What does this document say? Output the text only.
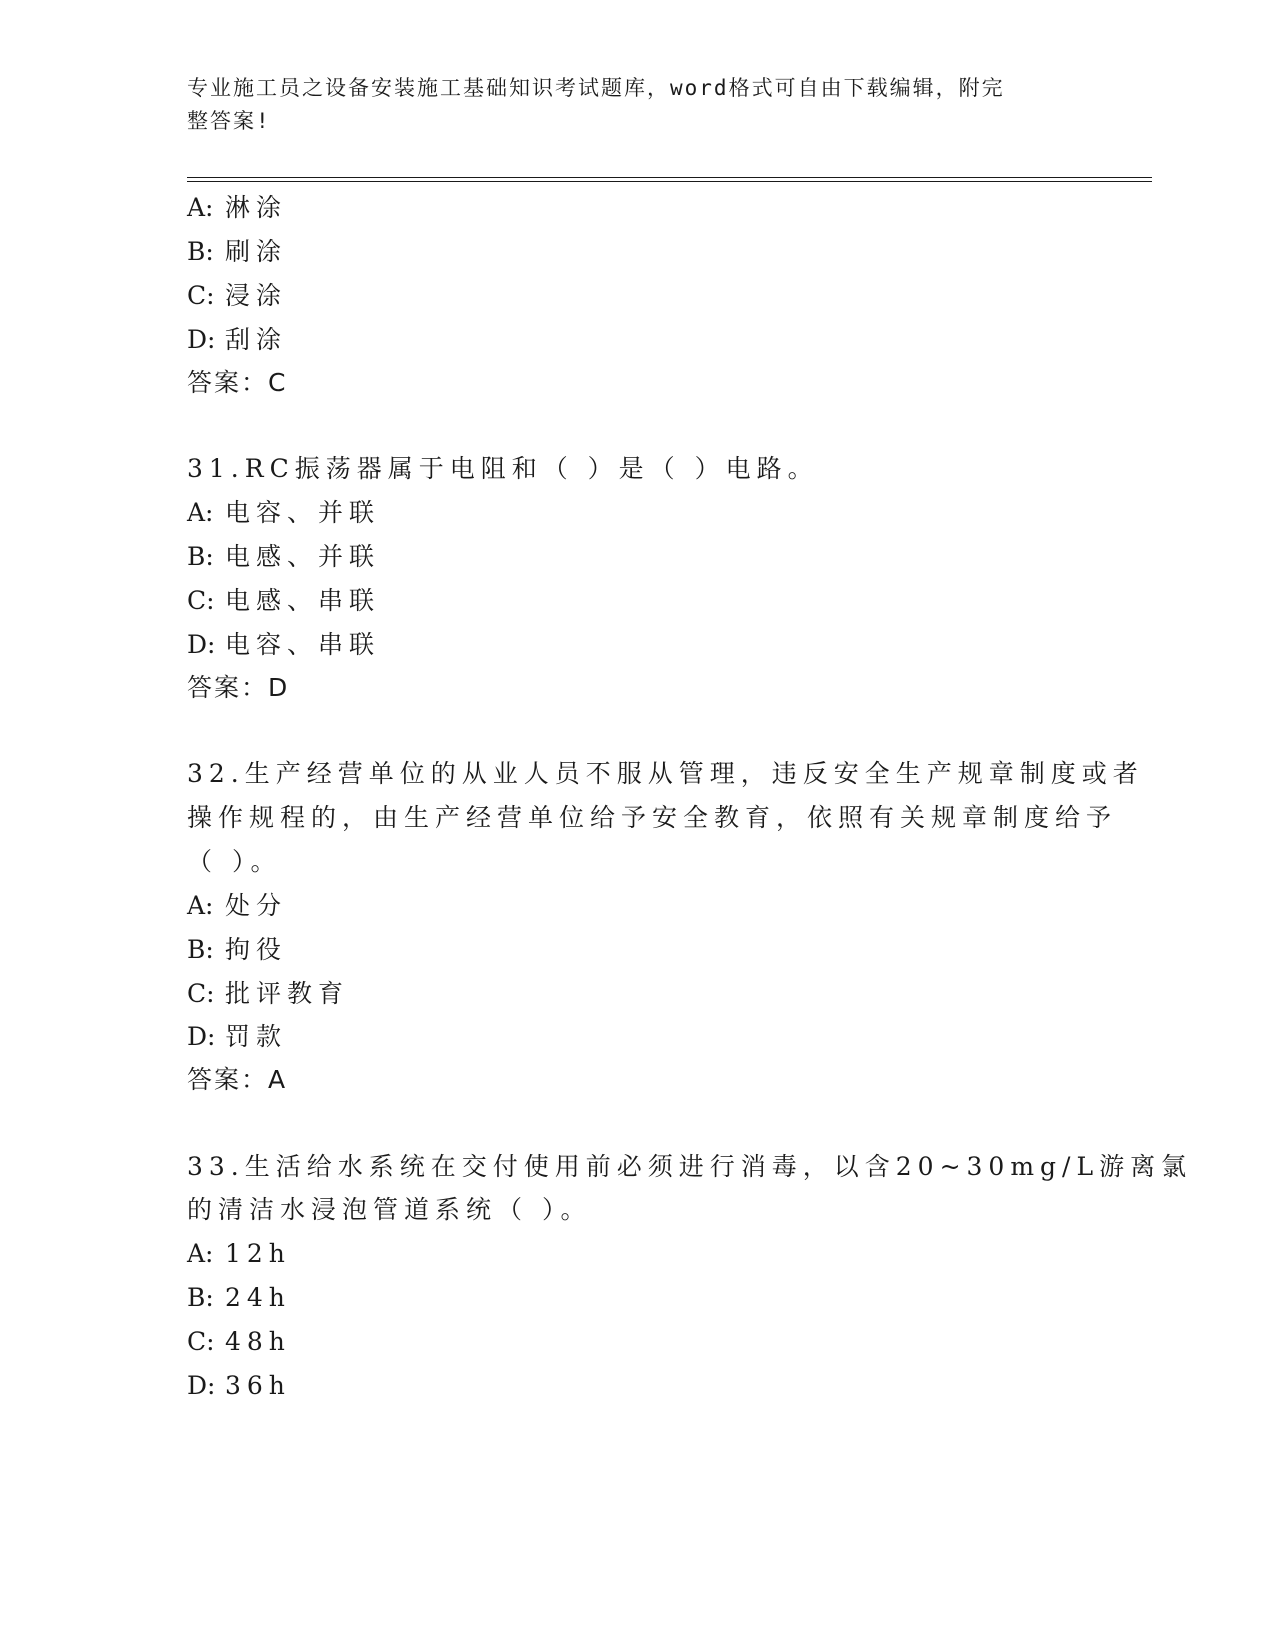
专业施工员之设备安装施工基础知识考试题库，word格式可自由下载编辑，附完
整答案!
A: 淋涂
B: 刷涂
C: 浸涂
D: 刮涂
答案：C
31.RC振荡器属于电阻和（ ）是（ ）电路。
A: 电容、并联
B: 电感、并联
C: 电感、串联
D: 电容、串联
答案：D
32.生产经营单位的从业人员不服从管理，违反安全生产规章制度或者
操作规程的，由生产经营单位给予安全教育，依照有关规章制度给予
（ ）。
A: 处分
B: 拘役
C: 批评教育
D: 罚款
答案：A
33.生活给水系统在交付使用前必须进行消毒，以含20~30mg/L游离氯
的清洁水浸泡管道系统（ ）。
A: 12h
B: 24h
C: 48h
D: 36h
